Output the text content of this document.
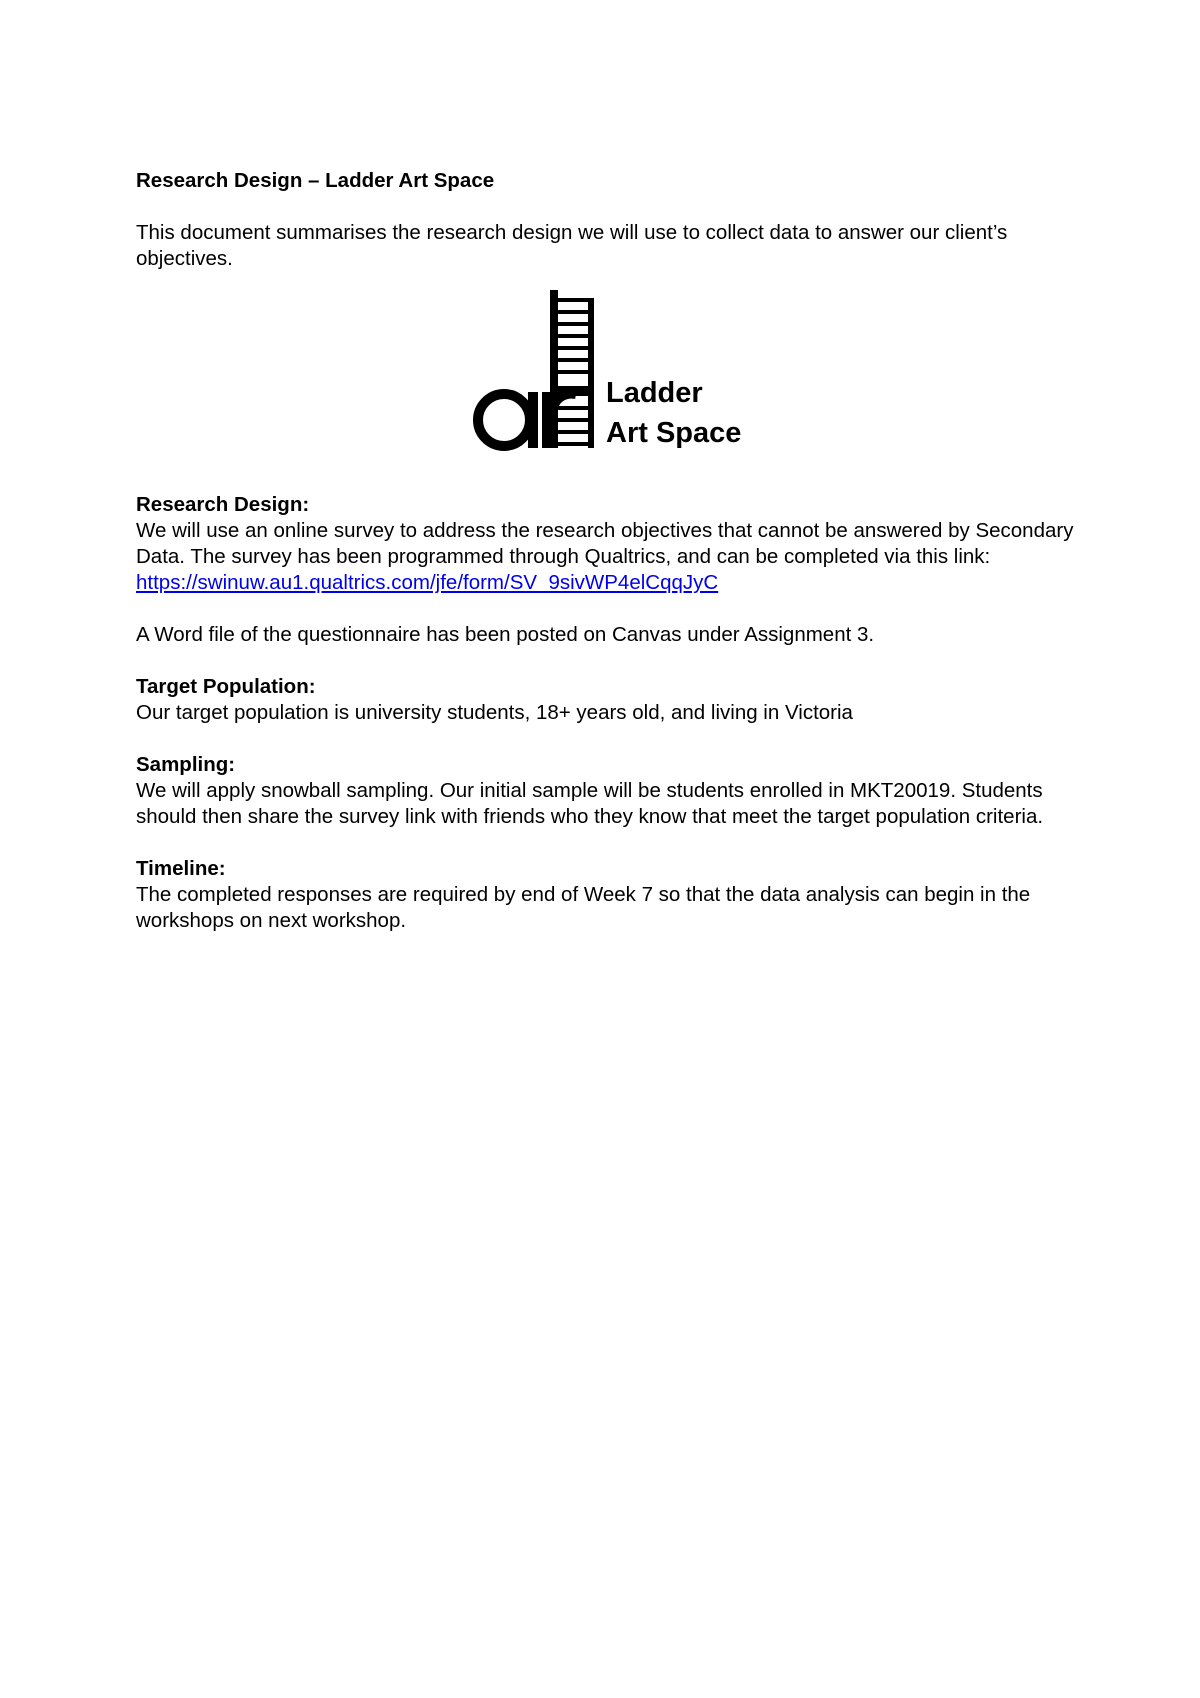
Research Design – Ladder Art Space

This document summarises the research design we will use to collect data to answer our client’s objectives.

Ladder
Art Space

Research Design:

We will use an online survey to address the research objectives that cannot be answered by Secondary Data. The survey has been programmed through Qualtrics, and can be completed via this link: https://swinuw.au1.qualtrics.com/jfe/form/SV_9sivWP4elCqqJyC

A Word file of the questionnaire has been posted on Canvas under Assignment 3.

Target Population:

Our target population is university students, 18+ years old, and living in Victoria

Sampling:

We will apply snowball sampling. Our initial sample will be students enrolled in MKT20019. Students should then share the survey link with friends who they know that meet the target population criteria.

Timeline:

The completed responses are required by end of Week 7 so that the data analysis can begin in the workshops on next workshop.
